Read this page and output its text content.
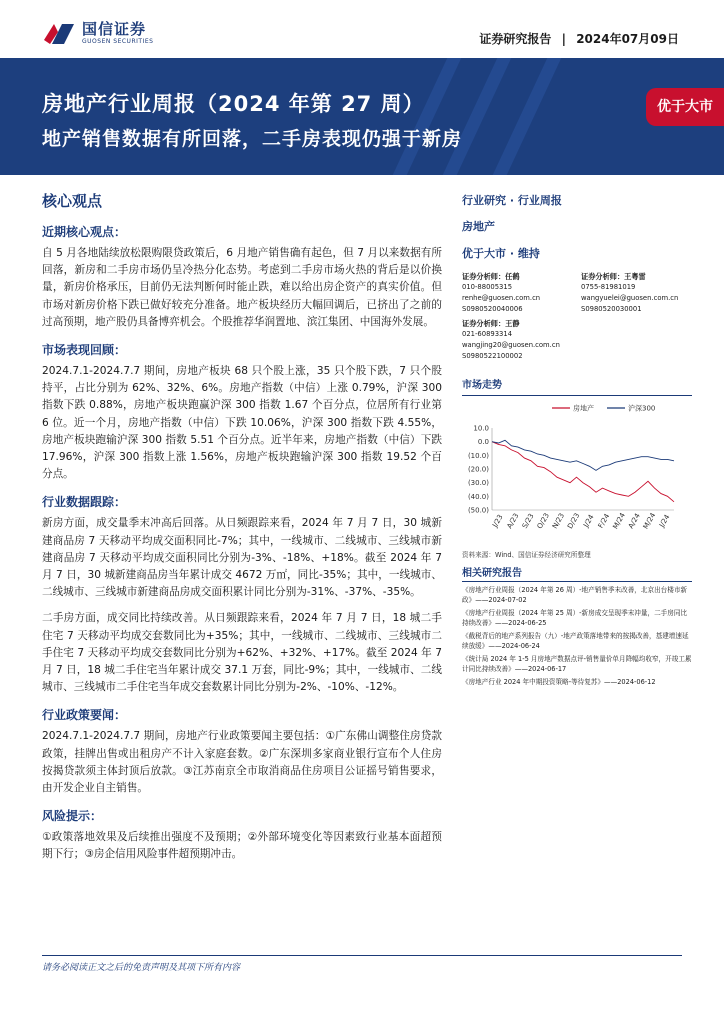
国信证券
GUOSEN SECURITIES	证券研究报告 | 2024年07月09日
房地产行业周报（2024 年第 27 周）
地产销售数据有所回落，二手房表现仍强于新房
优于大市
核心观点
近期核心观点：

自 5 月各地陆续放松限购限贷政策后，6 月地产销售确有起色，但 7 月以来数据有所回落，新房和二手房市场仍呈冷热分化态势。考虑到二手房市场火热的背后是以价换量，新房价格承压，目前仍无法判断何时能止跌，难以给出房企资产的真实价值。但市场对新房价格下跌已做好较充分准备。地产板块经历大幅回调后，已挤出了之前的过高预期，地产股仍具备博弈机会。个股推荐华润置地、滨江集团、中国海外发展。

市场表现回顾：

2024.7.1-2024.7.7 期间，房地产板块 68 只个股上涨，35 只个股下跌，7 只个股持平，占比分别为 62%、32%、6%。房地产指数（中信）上涨 0.79%，沪深 300 指数下跌 0.88%，房地产板块跑赢沪深 300 指数 1.67 个百分点，位居所有行业第 6 位。近一个月，房地产指数（中信）下跌 10.06%，沪深 300 指数下跌 4.55%，房地产板块跑输沪深 300 指数 5.51 个百分点。近半年来，房地产指数（中信）下跌 17.96%，沪深 300 指数上涨 1.56%，房地产板块跑输沪深 300 指数 19.52 个百分点。

行业数据跟踪：

新房方面，成交量季末冲高后回落。从日频跟踪来看，2024 年 7 月 7 日，30 城新建商品房 7 天移动平均成交面积同比-7%；其中，一线城市、二线城市、三线城市新建商品房 7 天移动平均成交面积同比分别为-3%、-18%、+18%。截至 2024 年 7 月 7 日，30 城新建商品房当年累计成交 4672 万㎡，同比-35%；其中，一线城市、二线城市、三线城市新建商品房成交面积累计同比分别为-31%、-37%、-35%。

二手房方面，成交同比持续改善。从日频跟踪来看，2024 年 7 月 7 日，18 城二手住宅 7 天移动平均成交套数同比为+35%；其中，一线城市、二线城市、三线城市二手住宅 7 天移动平均成交套数同比分别为+62%、+32%、+17%。截至 2024 年 7 月 7 日，18 城二手住宅当年累计成交 37.1 万套，同比-9%；其中，一线城市、二线城市、三线城市二手住宅当年成交套数累计同比分别为-2%、-10%、-12%。

行业政策要闻：

2024.7.1-2024.7.7 期间，房地产行业政策要闻主要包括：①广东佛山调整住房贷款政策，挂牌出售或出租房产不计入家庭套数。②广东深圳多家商业银行宣布个人住房按揭贷款须主体封顶后放款。③江苏南京全市取消商品住房项目公证摇号销售要求，由开发企业自主销售。

风险提示：

①政策落地效果及后续推出强度不及预期；②外部环境变化等因素致行业基本面超预期下行；③房企信用风险事件超预期冲击。

行业研究 · 行业周报
房地产
优于大市 · 维持
证券分析师：任鹤
010-88005315
renhe@guosen.com.cn
S0980520040006
证券分析师：王静
021-60893314
wangjing20@guosen.com.cn
S0980522100002
证券分析师：王粤雷
0755-81981019
wangyuelei@guosen.com.cn
S0980520030001
市场走势
房地产	沪深300
10.0
0.0
(10.0)
(20.0)
(30.0)
(40.0)
(50.0)
J/23 A/23 S/23 O/23 N/23 D/23 J/24 F/24 M/24 A/24 M/24 J/24
资料来源：Wind、国信证券经济研究所整理
相关研究报告
《房地产行业周报（2024 年第 26 周）-地产销售季末改善，北京出台楼市新政》——2024-07-02
《房地产行业周报（2024 年第 25 周）-新房成交呈现季末冲量，二手房同比持续改善》——2024-06-25
《截税背后的地产系列报告（九）-地产政策落地带来的按揭改善，基建增速延续放缓》——2024-06-24
《统计局 2024 年 1-5 月房地产数据点评-销售量价单月降幅均收窄，开竣工累计同比持续改善》——2024-06-17
《房地产行业 2024 年中期投资策略-等待复苏》——2024-06-12
请务必阅读正文之后的免责声明及其项下所有内容
